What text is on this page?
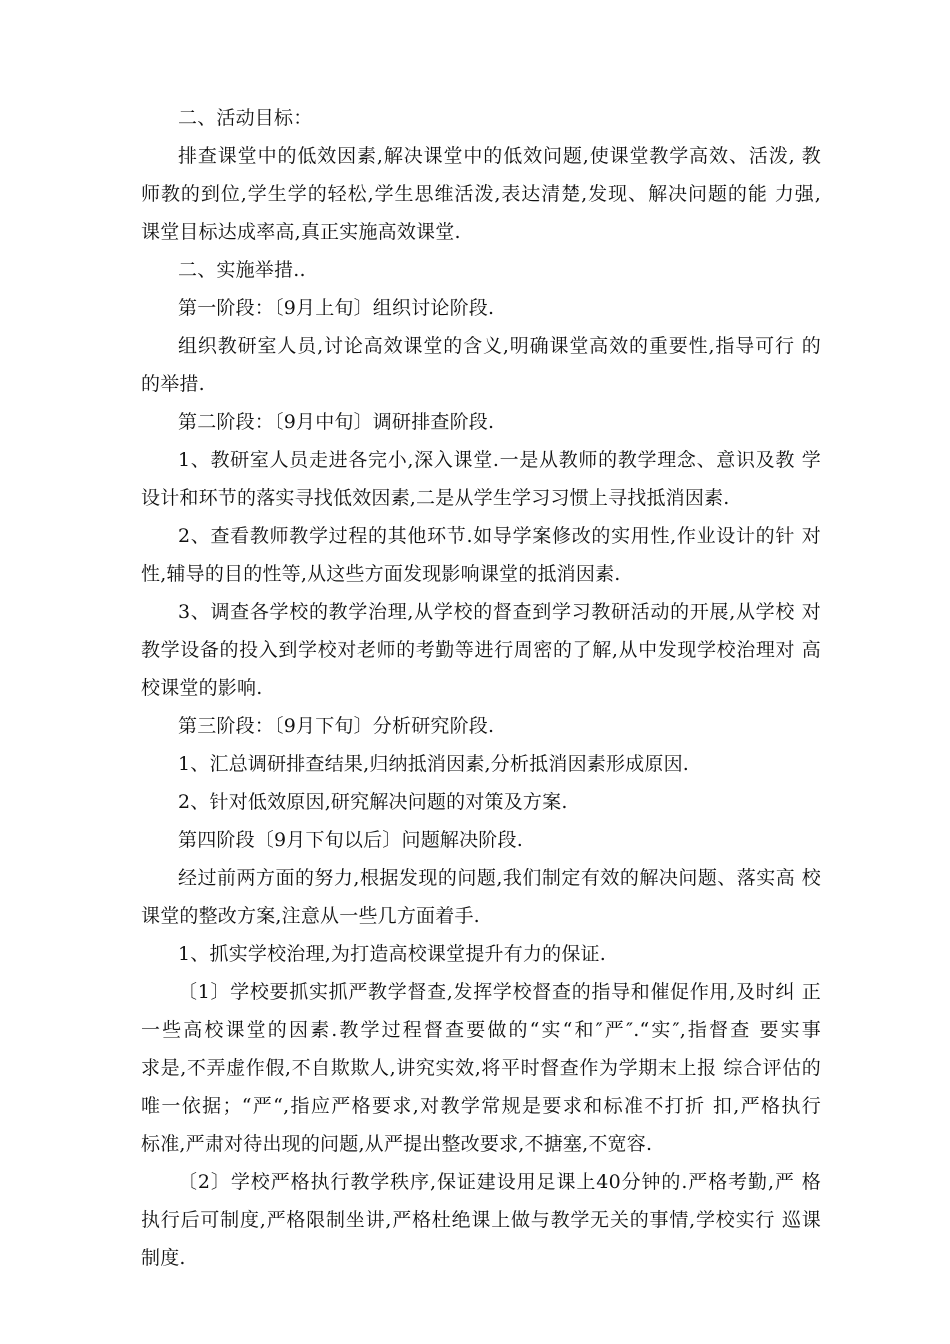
二、活动目标：
排查课堂中的低效因素,解决课堂中的低效问题,使课堂教学高效、活泼, 教
师教的到位,学生学的轻松,学生思维活泼,表达清楚,发现、解决问题的能 力强,
课堂目标达成率高,真正实施高效课堂.
二、实施举措..
第一阶段：〔9月上旬〕组织讨论阶段.
组织教研室人员,讨论高效课堂的含义,明确课堂高效的重要性,指导可行 的
的举措.
第二阶段：〔9月中旬〕调研排查阶段.
1、教研室人员走进各完小,深入课堂.一是从教师的教学理念、意识及教 学
设计和环节的落实寻找低效因素,二是从学生学习习惯上寻找抵消因素.
2、查看教师教学过程的其他环节.如导学案修改的实用性,作业设计的针 对
性,辅导的目的性等,从这些方面发现影响课堂的抵消因素.
3、调查各学校的教学治理,从学校的督查到学习教研活动的开展,从学校 对
教学设备的投入到学校对老师的考勤等进行周密的了解,从中发现学校治理对 高
校课堂的影响.
第三阶段：〔9月下旬〕分析研究阶段.
1、汇总调研排查结果,归纳抵消因素,分析抵消因素形成原因.
2、针对低效原因,研究解决问题的对策及方案.
第四阶段〔9月下旬以后〕问题解决阶段.
经过前两方面的努力,根据发现的问题,我们制定有效的解决问题、落实高 校
课堂的整改方案,注意从一些几方面着手.
1、抓实学校治理,为打造高校课堂提升有力的保证.
〔1〕学校要抓实抓严教学督查,发挥学校督查的指导和催促作用,及时纠 正
一些高校课堂的因素.教学过程督查要做的“实“和″严″.“实″,指督查 要实事
求是,不弄虚作假,不自欺欺人,讲究实效,将平时督查作为学期末上报 综合评估的
唯一依据；“严“,指应严格要求,对教学常规是要求和标准不打折 扣,严格执行
标准,严肃对待出现的问题,从严提出整改要求,不搪塞,不宽容.
〔2〕学校严格执行教学秩序,保证建设用足课上40分钟的.严格考勤,严 格
执行后可制度,严格限制坐讲,严格杜绝课上做与教学无关的事情,学校实行 巡课
制度.
